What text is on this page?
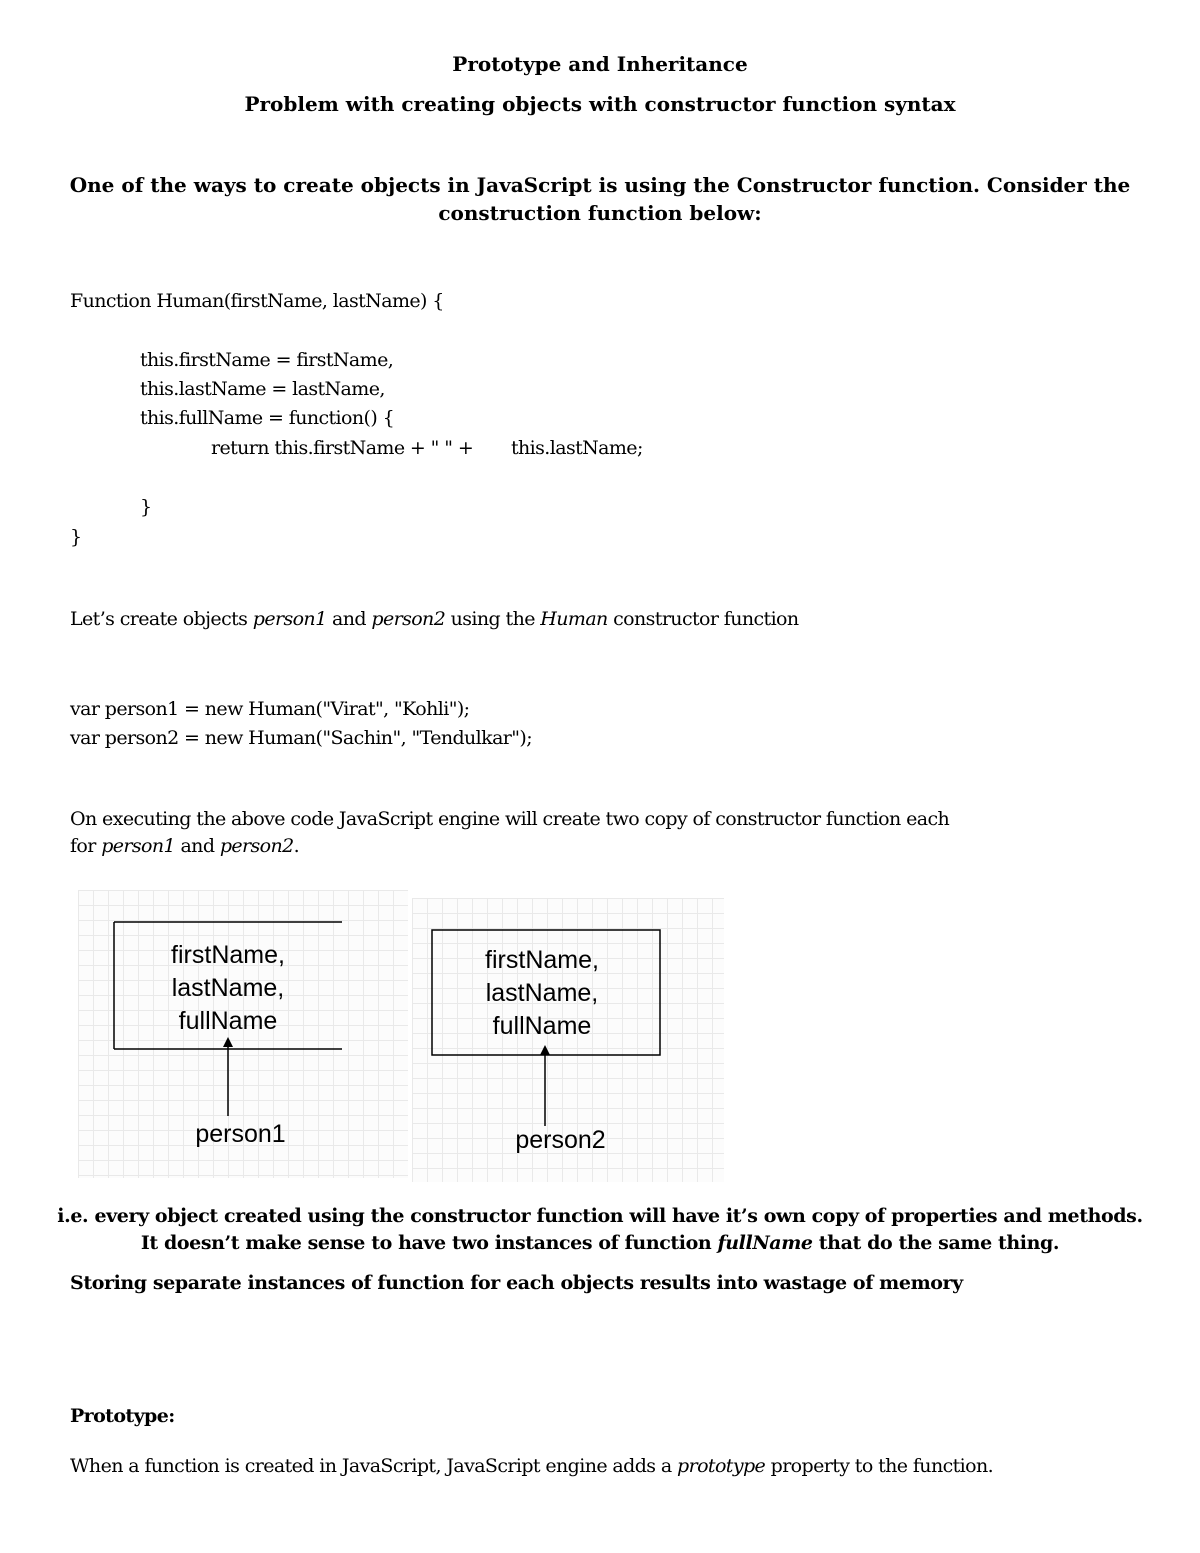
Prototype and Inheritance
Problem with creating objects with constructor function syntax
One of the ways to create objects in JavaScript is using the Constructor function. Consider the
construction function below:
Function Human(firstName, lastName) {
this.firstName = firstName,
this.lastName = lastName,
this.fullName = function() {
return this.firstName + " " + this.lastName;
}
}
Let’s create objects person1 and person2 using the Human constructor function
var person1 = new Human("Virat", "Kohli");
var person2 = new Human("Sachin", "Tendulkar");
On executing the above code JavaScript engine will create two copy of constructor function each
for person1 and person2.
firstName,
lastName,
fullName
person1
firstName,
lastName,
fullName
person2
i.e. every object created using the constructor function will have it’s own copy of properties and methods.
It doesn’t make sense to have two instances of function fullName that do the same thing.
Storing separate instances of function for each objects results into wastage of memory
Prototype:
When a function is created in JavaScript, JavaScript engine adds a prototype property to the function.
